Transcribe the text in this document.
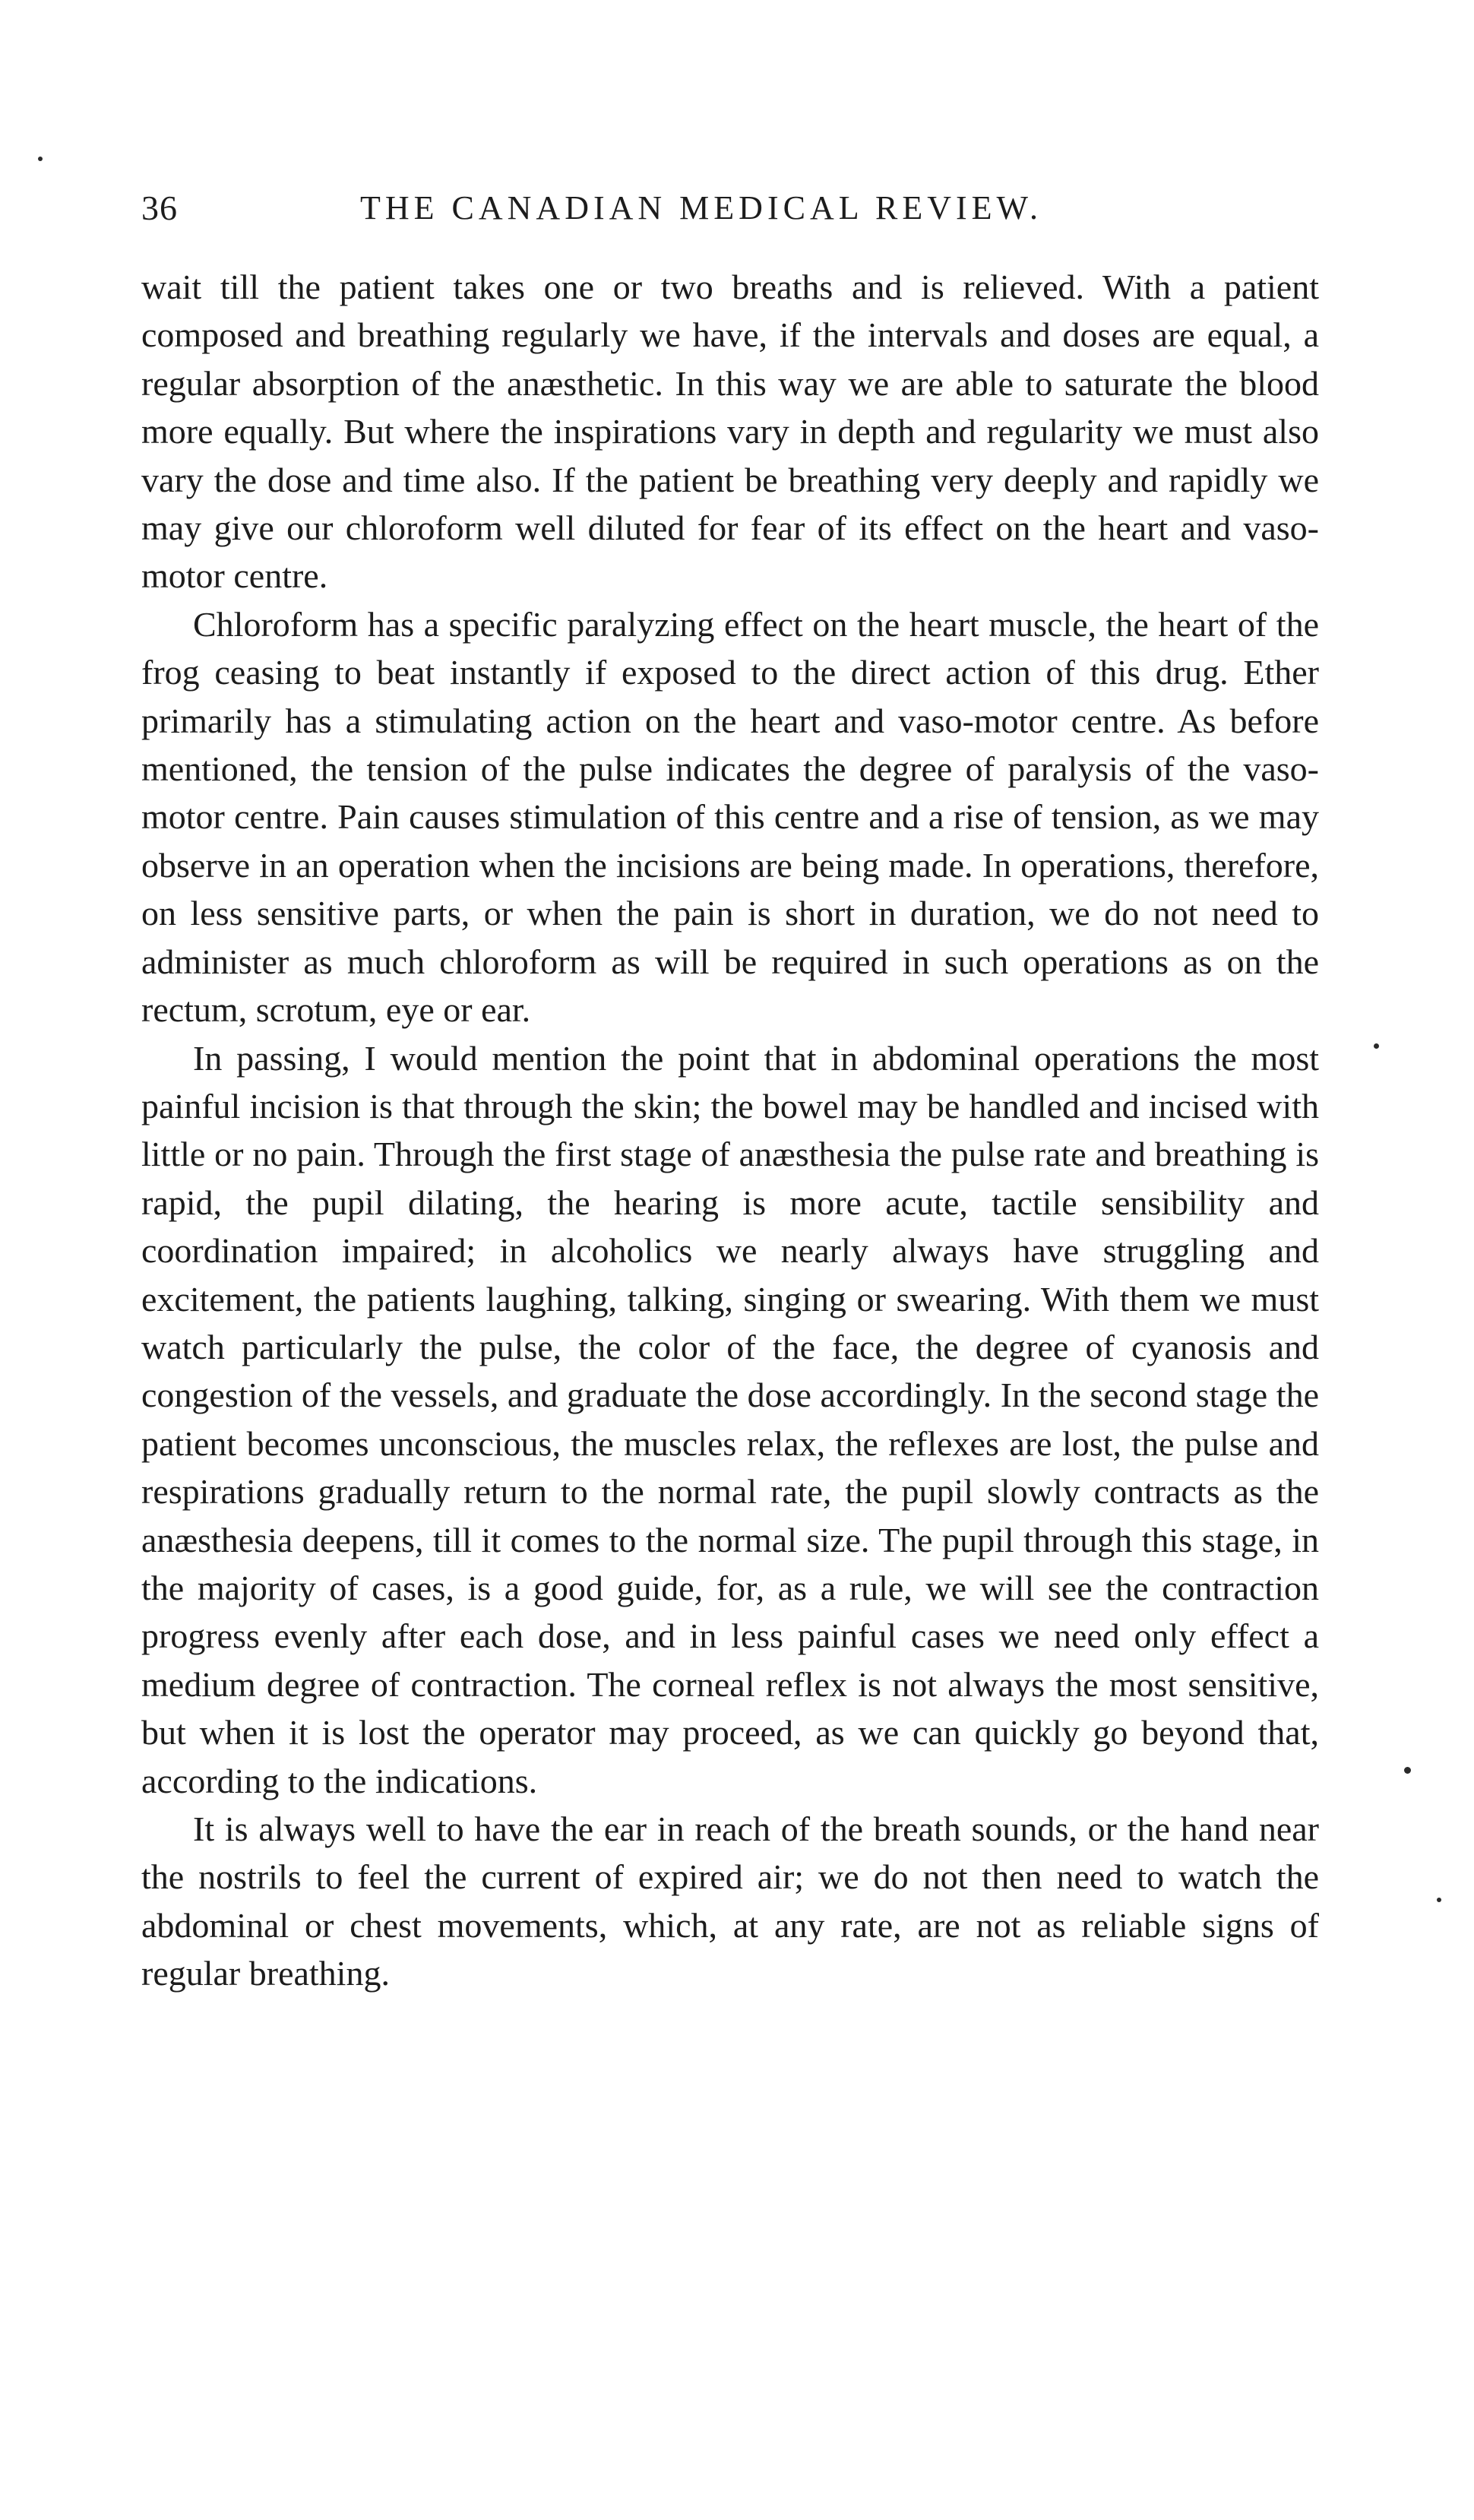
36	THE CANADIAN MEDICAL REVIEW.

wait till the patient takes one or two breaths and is relieved. With a patient composed and breathing regularly we have, if the intervals and doses are equal, a regular absorption of the anæsthetic. In this way we are able to saturate the blood more equally. But where the inspirations vary in depth and regularity we must also vary the dose and time also. If the patient be breathing very deeply and rapidly we may give our chloroform well diluted for fear of its effect on the heart and vaso-motor centre.

Chloroform has a specific paralyzing effect on the heart muscle, the heart of the frog ceasing to beat instantly if exposed to the direct action of this drug. Ether primarily has a stimulating action on the heart and vaso-motor centre. As before mentioned, the tension of the pulse indicates the degree of paralysis of the vaso-motor centre. Pain causes stimulation of this centre and a rise of tension, as we may observe in an operation when the incisions are being made. In operations, therefore, on less sensitive parts, or when the pain is short in duration, we do not need to administer as much chloroform as will be required in such operations as on the rectum, scrotum, eye or ear.

In passing, I would mention the point that in abdominal operations the most painful incision is that through the skin; the bowel may be handled and incised with little or no pain. Through the first stage of anæsthesia the pulse rate and breathing is rapid, the pupil dilating, the hearing is more acute, tactile sensibility and coordination impaired; in alcoholics we nearly always have struggling and excitement, the patients laughing, talking, singing or swearing. With them we must watch particularly the pulse, the color of the face, the degree of cyanosis and congestion of the vessels, and graduate the dose accordingly. In the second stage the patient becomes unconscious, the muscles relax, the reflexes are lost, the pulse and respirations gradually return to the normal rate, the pupil slowly contracts as the anæsthesia deepens, till it comes to the normal size. The pupil through this stage, in the majority of cases, is a good guide, for, as a rule, we will see the contraction progress evenly after each dose, and in less painful cases we need only effect a medium degree of contraction. The corneal reflex is not always the most sensitive, but when it is lost the operator may proceed, as we can quickly go beyond that, according to the indications.

It is always well to have the ear in reach of the breath sounds, or the hand near the nostrils to feel the current of expired air; we do not then need to watch the abdominal or chest movements, which, at any rate, are not as reliable signs of regular breathing.
